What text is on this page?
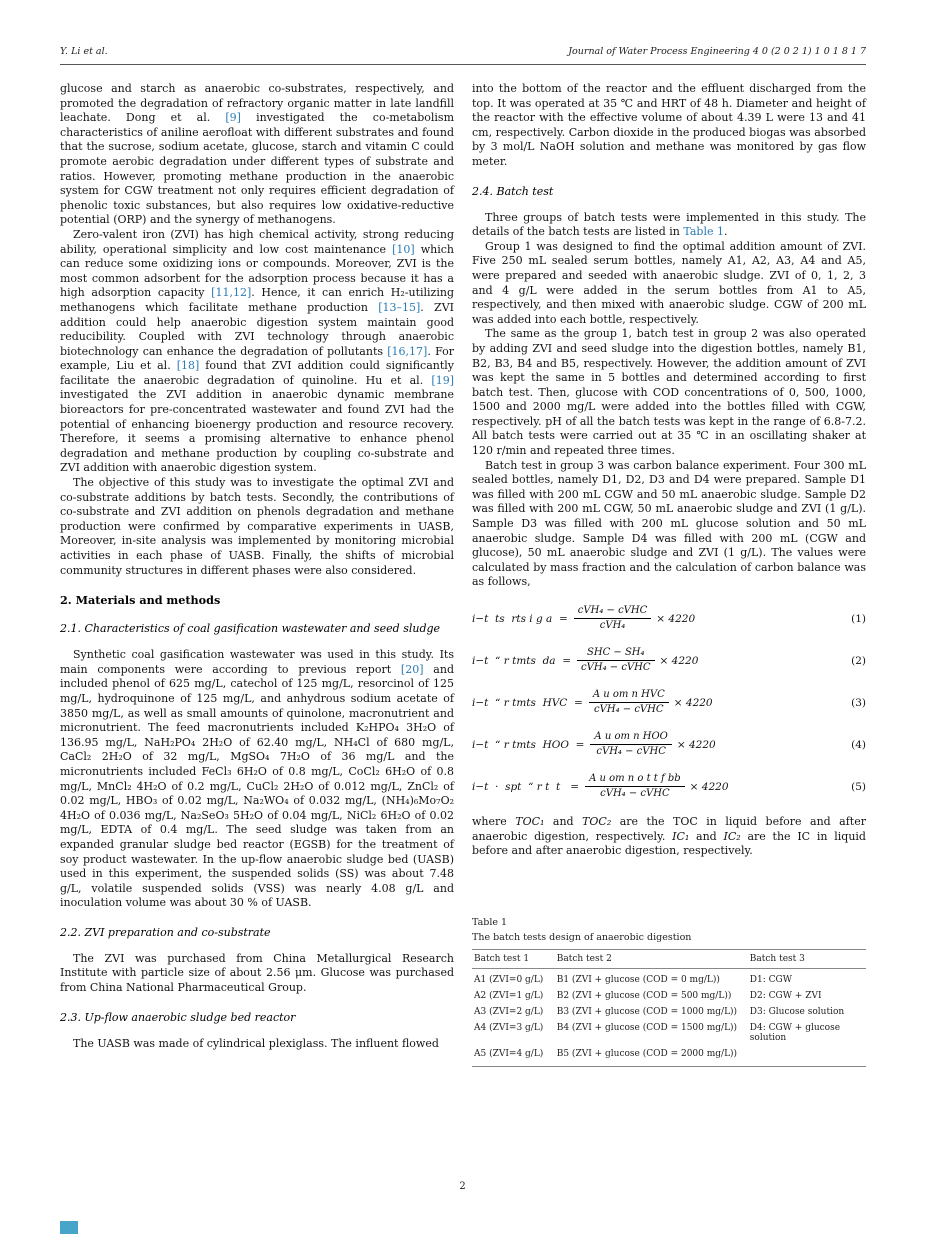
Y. Li et al.	Journal of Water Process Engineering 4 0 (2 0 2 1) 1 0 1 8 1 7

glucose and starch as anaerobic co-substrates, respectively, and promoted the degradation of refractory organic matter in late landfill leachate. Dong et al. [9] investigated the co-metabolism characteristics of aniline aerofloat with different substrates and found that the sucrose, sodium acetate, glucose, starch and vitamin C could promote aerobic degradation under different types of substrate and ratios. However, promoting methane production in the anaerobic system for CGW treatment not only requires efficient degradation of phenolic toxic substances, but also requires low oxidative-reductive potential (ORP) and the synergy of methanogens.

Zero-valent iron (ZVI) has high chemical activity, strong reducing ability, operational simplicity and low cost maintenance [10] which can reduce some oxidizing ions or compounds. Moreover, ZVI is the most common adsorbent for the adsorption process because it has a high adsorption capacity [11,12]. Hence, it can enrich H₂-utilizing methanogens which facilitate methane production [13–15]. ZVI addition could help anaerobic digestion system maintain good reducibility. Coupled with ZVI technology through anaerobic biotechnology can enhance the degradation of pollutants [16,17]. For example, Liu et al. [18] found that ZVI addition could significantly facilitate the anaerobic degradation of quinoline. Hu et al. [19] investigated the ZVI addition in anaerobic dynamic membrane bioreactors for pre-concentrated wastewater and found ZVI had the potential of enhancing bioenergy production and resource recovery. Therefore, it seems a promising alternative to enhance phenol degradation and methane production by coupling co-substrate and ZVI addition with anaerobic digestion system.

The objective of this study was to investigate the optimal ZVI and co-substrate additions by batch tests. Secondly, the contributions of co-substrate and ZVI addition on phenols degradation and methane production were confirmed by comparative experiments in UASB, Moreover, in-site analysis was implemented by monitoring microbial activities in each phase of UASB. Finally, the shifts of microbial community structures in different phases were also considered.

2. Materials and methods
2.1. Characteristics of coal gasification wastewater and seed sludge

Synthetic coal gasification wastewater was used in this study. Its main components were according to previous report [20] and included phenol of 625 mg/L, catechol of 125 mg/L, resorcinol of 125 mg/L, hydroquinone of 125 mg/L, and anhydrous sodium acetate of 3850 mg/L, as well as small amounts of quinolone, macronutrient and micronutrient. The feed macronutrients included K₂HPO₄ 3H₂O of 136.95 mg/L, NaH₂PO₄ 2H₂O of 62.40 mg/L, NH₄Cl of 680 mg/L, CaCl₂ 2H₂O of 32 mg/L, MgSO₄ 7H₂O of 36 mg/L and the micronutrients included FeCl₃ 6H₂O of 0.8 mg/L, CoCl₂ 6H₂O of 0.8 mg/L, MnCl₂ 4H₂O of 0.2 mg/L, CuCl₂ 2H₂O of 0.012 mg/L, ZnCl₂ of 0.02 mg/L, HBO₃ of 0.02 mg/L, Na₂WO₄ of 0.032 mg/L, (NH₄)₆Mo₇O₂ 4H₂O of 0.036 mg/L, Na₂SeO₃ 5H₂O of 0.04 mg/L, NiCl₂ 6H₂O of 0.02 mg/L, EDTA of 0.4 mg/L. The seed sludge was taken from an expanded granular sludge bed reactor (EGSB) for the treatment of soy product wastewater. In the up-flow anaerobic sludge bed (UASB) used in this experiment, the suspended solids (SS) was about 7.48 g/L, volatile suspended solids (VSS) was nearly 4.08 g/L and inoculation volume was about 30 % of UASB.

2.2. ZVI preparation and co-substrate

The ZVI was purchased from China Metallurgical Research Institute with particle size of about 2.56 μm. Glucose was purchased from China National Pharmaceutical Group.

2.3. Up-flow anaerobic sludge bed reactor

The UASB was made of cylindrical plexiglass. The influent flowed

into the bottom of the reactor and the effluent discharged from the top. It was operated at 35 ℃ and HRT of 48 h. Diameter and height of the reactor with the effective volume of about 4.39 L were 13 and 41 cm, respectively. Carbon dioxide in the produced biogas was absorbed by 3 mol/L NaOH solution and methane was monitored by gas flow meter.

2.4. Batch test

Three groups of batch tests were implemented in this study. The details of the batch tests are listed in Table 1.

Group 1 was designed to find the optimal addition amount of ZVI. Five 250 mL sealed serum bottles, namely A1, A2, A3, A4 and A5, were prepared and seeded with anaerobic sludge. ZVI of 0, 1, 2, 3 and 4 g/L were added in the serum bottles from A1 to A5, respectively, and then mixed with anaerobic sludge. CGW of 200 mL was added into each bottle, respectively.

The same as the group 1, batch test in group 2 was also operated by adding ZVI and seed sludge into the digestion bottles, namely B1, B2, B3, B4 and B5, respectively. However, the addition amount of ZVI was kept the same in 5 bottles and determined according to first batch test. Then, glucose with COD concentrations of 0, 500, 1000, 1500 and 2000 mg/L were added into the bottles filled with CGW, respectively. pH of all the batch tests was kept in the range of 6.8-7.2. All batch tests were carried out at 35 ℃ in an oscillating shaker at 120 r/min and repeated three times.

Batch test in group 3 was carbon balance experiment. Four 300 mL sealed bottles, namely D1, D2, D3 and D4 were prepared. Sample D1 was filled with 200 mL CGW and 50 mL anaerobic sludge. Sample D2 was filled with 200 mL CGW, 50 mL anaerobic sludge and ZVI (1 g/L). Sample D3 was filled with 200 mL glucose solution and 50 mL anaerobic sludge. Sample D4 was filled with 200 mL (CGW and glucose), 50 mL anaerobic sludge and ZVI (1 g/L). The values were calculated by mass fraction and the calculation of carbon balance was as follows,

i−t  ts  rts i g $a = \frac{\text{cVH₄ − cVHC}}{\text{cVH₄}} \times 4220$	(1)
i−t  “ r tmts  da  = $\frac{\text{SHC − SH₄}}{\text{cVH₄ − cVHC}} \times 4220$	(2)
i−t  “ r tmts  HVC  = $\frac{\text{A u om n HVC}}{\text{cVH₄ − cVHC}} \times 4220$	(3)
i−t  “ r tmts  HOO  = $\frac{\text{A u om n HOO}}{\text{cVH₄ − cVHC}} \times 4220$	(4)
i−t  ·  spt  “ r t  $t = \frac{\text{A u om n o t t f bb}}{\text{cVH₄ − cVHC}} \times 4220$	(5)

where TOC₁ and TOC₂ are the TOC in liquid before and after anaerobic digestion, respectively. IC₁ and IC₂ are the IC in liquid before and after anaerobic digestion, respectively.

Table 1
The batch tests design of anaerobic digestion
Batch test 1	Batch test 2	Batch test 3
A1 (ZVI=0 g/L)	B1 (ZVI + glucose (COD = 0 mg/L))	D1: CGW
A2 (ZVI=1 g/L)	B2 (ZVI + glucose (COD = 500 mg/L))	D2: CGW + ZVI
A3 (ZVI=2 g/L)	B3 (ZVI + glucose (COD = 1000 mg/L))	D3: Glucose solution
A4 (ZVI=3 g/L)	B4 (ZVI + glucose (COD = 1500 mg/L))	D4: CGW + glucose solution
A5 (ZVI=4 g/L)	B5 (ZVI + glucose (COD = 2000 mg/L))	
2
